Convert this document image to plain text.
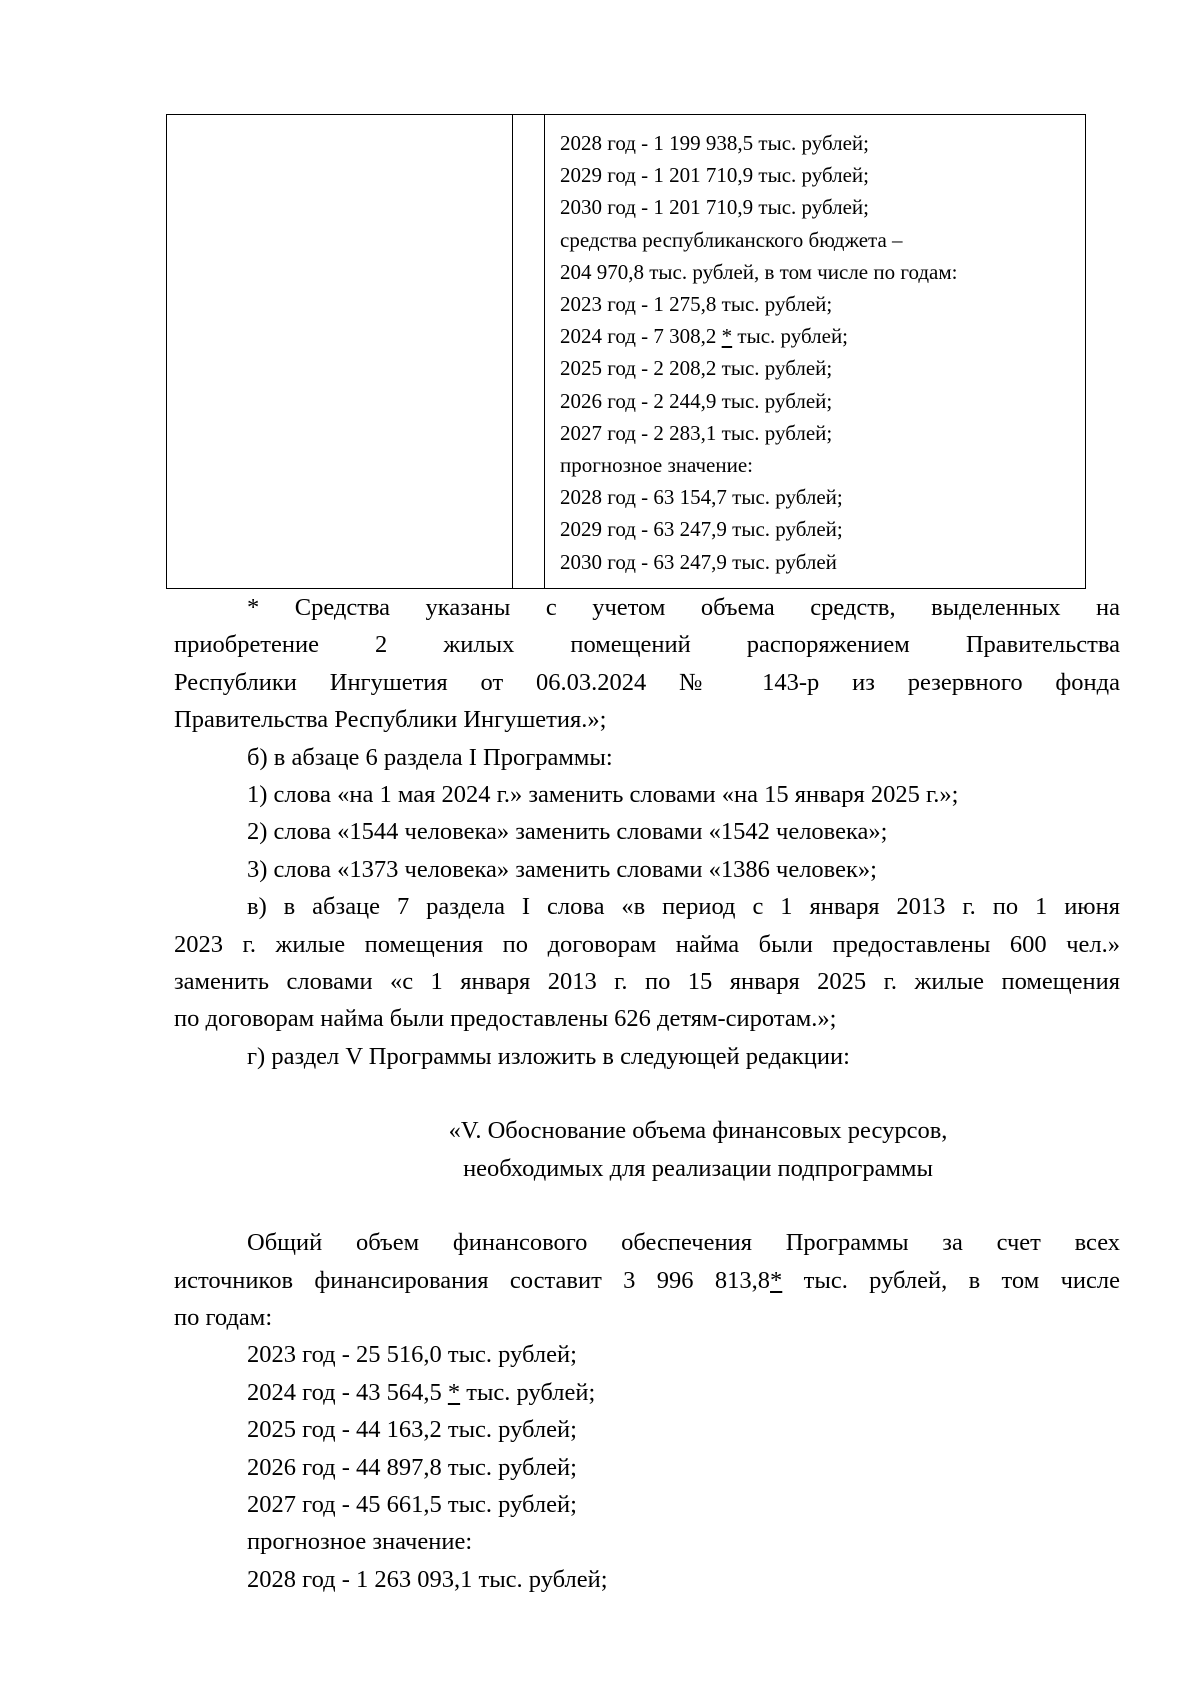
2028 год - 1 199 938,5 тыс. рублей;
2029 год - 1 201 710,9 тыс. рублей;
2030 год - 1 201 710,9 тыс. рублей;
средства республиканского бюджета –
204 970,8 тыс. рублей, в том числе по годам:
2023 год - 1 275,8 тыс. рублей;
2024 год - 7 308,2 * тыс. рублей;
2025 год - 2 208,2 тыс. рублей;
2026 год - 2 244,9 тыс. рублей;
2027 год - 2 283,1 тыс. рублей;
прогнозное значение:
2028 год - 63 154,7 тыс. рублей;
2029 год - 63 247,9 тыс. рублей;
2030 год - 63 247,9 тыс. рублей

* Средства указаны с учетом объема средств, выделенных на

приобретение 2 жилых помещений распоряжением Правительства

Республики Ингушетия от 06.03.2024 № 143-р из резервного фонда

Правительства Республики Ингушетия.»;

б) в абзаце 6 раздела I Программы:

1) слова «на 1 мая 2024 г.» заменить словами «на 15 января 2025 г.»;

2) слова «1544 человека» заменить словами «1542 человека»;

3) слова «1373 человека» заменить словами «1386 человек»;

в) в абзаце 7 раздела I слова «в период с 1 января 2013 г. по 1 июня

2023 г. жилые помещения по договорам найма были предоставлены 600 чел.»

заменить словами «с 1 января 2013 г. по 15 января 2025 г. жилые помещения

по договорам найма были предоставлены 626 детям-сиротам.»;

г) раздел V Программы изложить в следующей редакции:

«V. Обоснование объема финансовых ресурсов,

необходимых для реализации подпрограммы

Общий объем финансового обеспечения Программы за счет всех

источников финансирования составит 3 996 813,8* тыс. рублей, в том числе

по годам:

2023 год - 25 516,0 тыс. рублей;

2024 год - 43 564,5 * тыс. рублей;

2025 год - 44 163,2 тыс. рублей;

2026 год - 44 897,8 тыс. рублей;

2027 год - 45 661,5 тыс. рублей;

прогнозное значение:

2028 год - 1 263 093,1 тыс. рублей;
